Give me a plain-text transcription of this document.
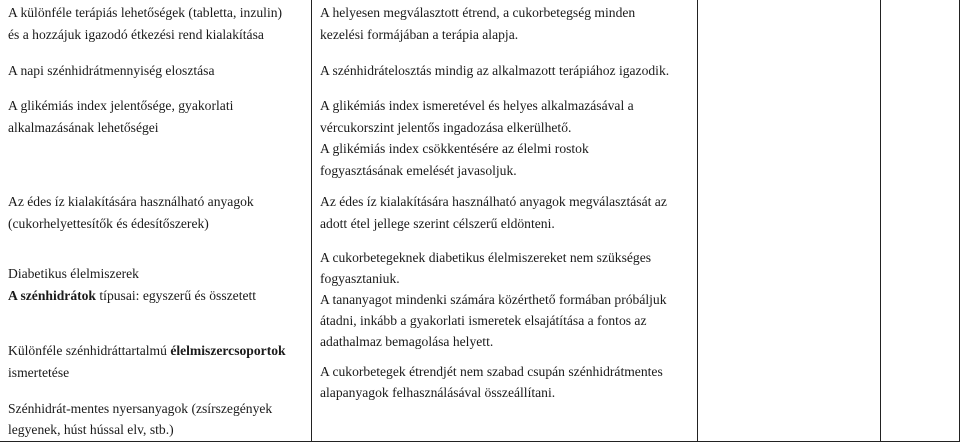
A különféle terápiás lehetőségek (tabletta, inzulin)

és a hozzájuk igazodó étkezési rend kialakítása

A napi szénhidrátmennyiség elosztása

A glikémiás index jelentősége, gyakorlati

alkalmazásának lehetőségei

Az édes íz kialakítására használható anyagok

(cukorhelyettesítők és édesítőszerek)

Diabetikus élelmiszerek

A szénhidrátok típusai: egyszerű és összetett

Különféle szénhidráttartalmú élelmiszercsoportok

ismertetése

Szénhidrát-mentes nyersanyagok (zsírszegények

legyenek, húst hússal elv, stb.)

A helyesen megválasztott étrend, a cukorbetegség minden

kezelési formájában a terápia alapja.

A szénhidrátelosztás mindig az alkalmazott terápiához igazodik.

A glikémiás index ismeretével és helyes alkalmazásával a

vércukorszint jelentős ingadozása elkerülhető.

A glikémiás index csökkentésére az élelmi rostok

fogyasztásának emelését javasoljuk.

Az édes íz kialakítására használható anyagok megválasztását az

adott étel jellege szerint célszerű eldönteni.

A cukorbetegeknek diabetikus élelmiszereket nem szükséges

fogyasztaniuk.

A tananyagot mindenki számára közérthető formában próbáljuk

átadni, inkább a gyakorlati ismeretek elsajátítása a fontos az

adathalmaz bemagolása helyett.

A cukorbetegek étrendjét nem szabad csupán szénhidrátmentes

alapanyagok felhasználásával összeállítani.
